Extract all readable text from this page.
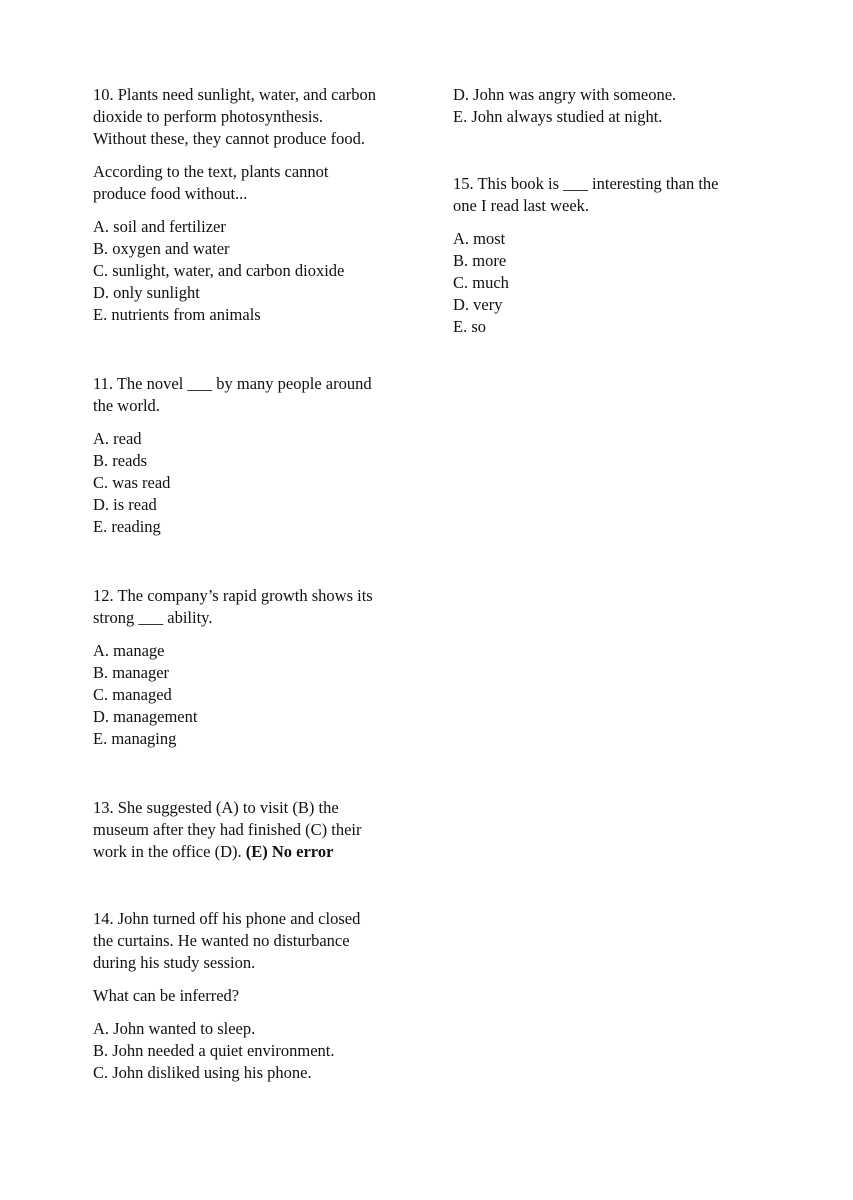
10. Plants need sunlight, water, and carbon

dioxide to perform photosynthesis.

Without these, they cannot produce food.

According to the text, plants cannot

produce food without...

A. soil and fertilizer

B. oxygen and water

C. sunlight, water, and carbon dioxide

D. only sunlight

E. nutrients from animals

11. The novel ___ by many people around

the world.

A. read

B. reads

C. was read

D. is read

E. reading

12. The company’s rapid growth shows its

strong ___ ability.

A. manage

B. manager

C. managed

D. management

E. managing

13. She suggested (A) to visit (B) the

museum after they had finished (C) their

work in the office (D). (E) No error

14. John turned off his phone and closed

the curtains. He wanted no disturbance

during his study session.

What can be inferred?

A. John wanted to sleep.

B. John needed a quiet environment.

C. John disliked using his phone.

D. John was angry with someone.

E. John always studied at night.

15. This book is ___ interesting than the

one I read last week.

A. most

B. more

C. much

D. very

E. so
